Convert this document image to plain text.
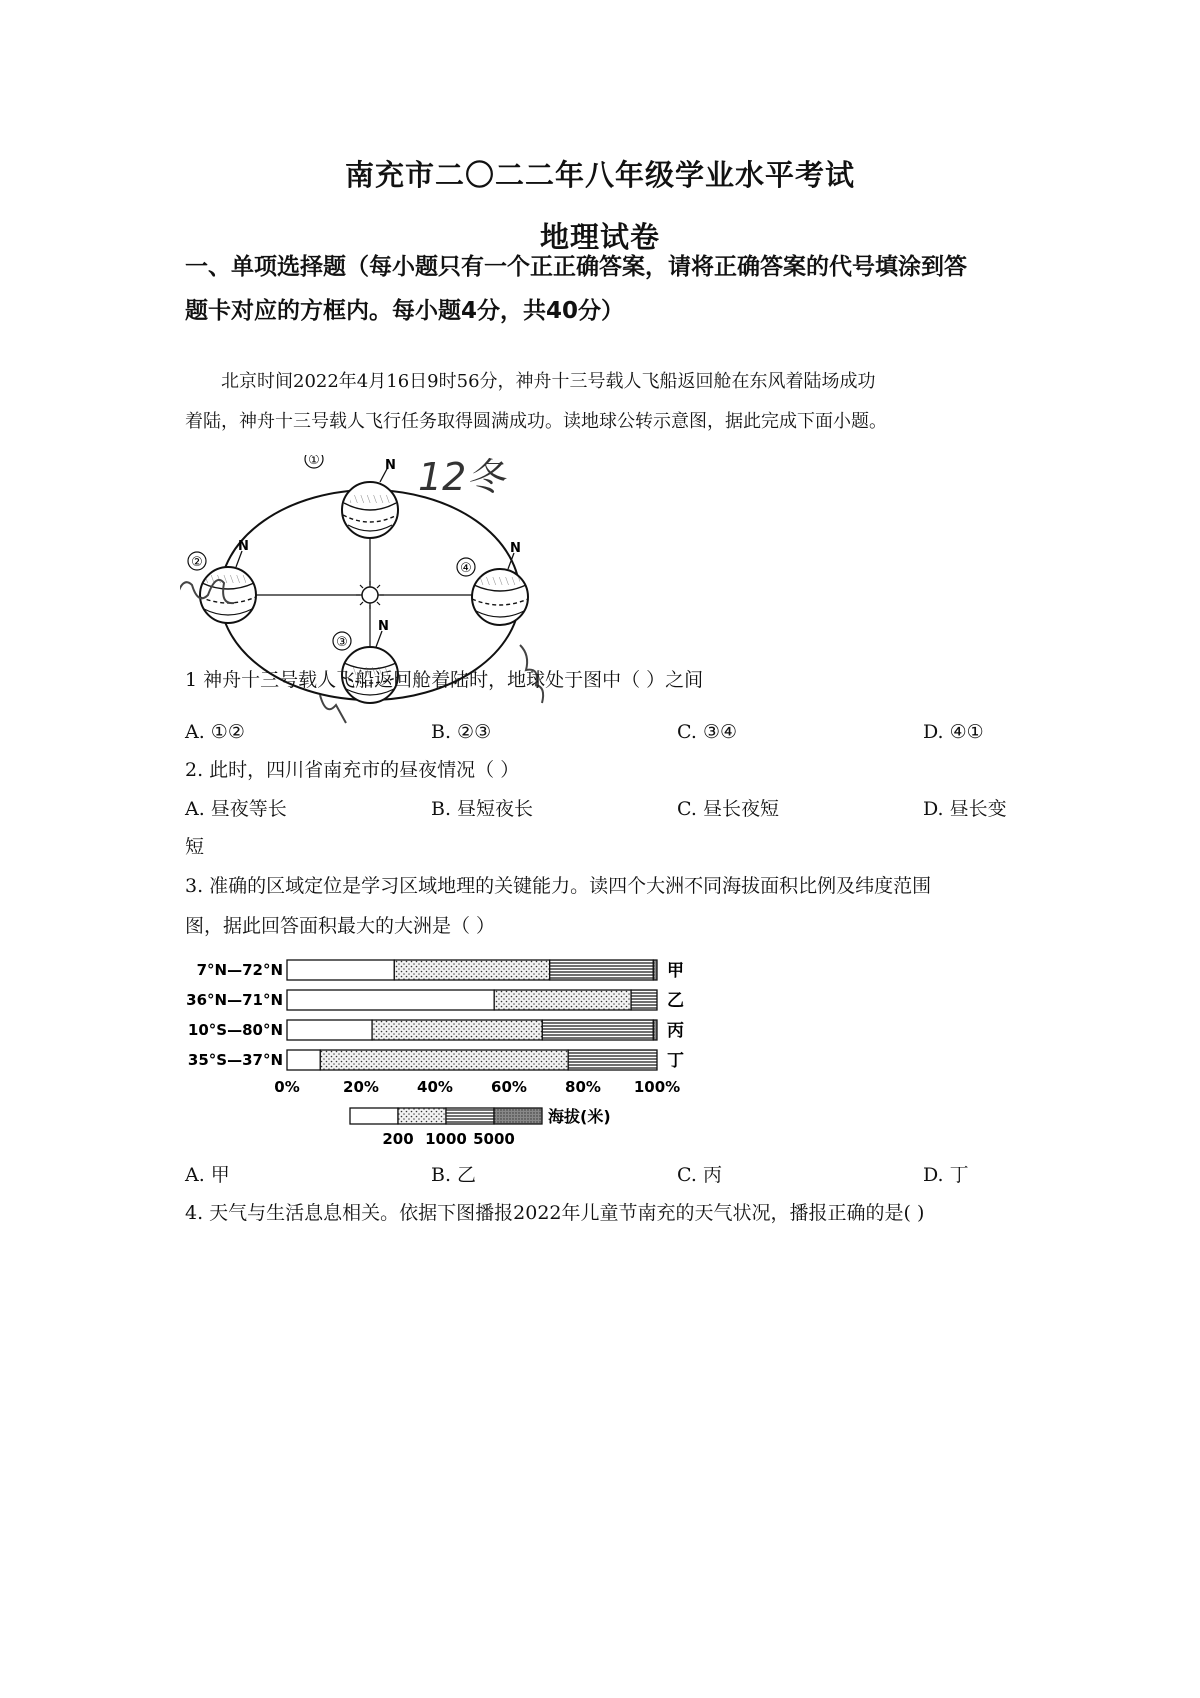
南充市二〇二二年八年级学业水平考试
地理试卷
一、单项选择题（每小题只有一个正正确答案，请将正确答案的代号填涂到答
题卡对应的方框内。每小题4分，共40分）
北京时间2022年4月16日9时56分，神舟十三号载人飞船返回舱在东风着陆场成功
着陆，神舟十三号载人飞行任务取得圆满成功。读地球公转示意图，据此完成下面小题。
N
①	12冬
N
②
N
③
N
④
1 神舟十三号载人飞船返回舱着陆时，地球处于图中（ ）之间
A. ①②	B. ②③	C. ③④	D. ④①
2. 此时，四川省南充市的昼夜情况（ ）
A. 昼夜等长	B. 昼短夜长	C. 昼长夜短	D. 昼长变
短
3. 准确的区域定位是学习区域地理的关键能力。读四个大洲不同海拔面积比例及纬度范围
图，据此回答面积最大的大洲是（ ）
7°N—72°N	甲
36°N—71°N	乙
10°S—80°N	丙
35°S—37°N	丁
0%	20%	40%	60%	80% 100%
海拔(米)
200 1000 5000
A. 甲	B. 乙	C. 丙	D. 丁
4. 天气与生活息息相关。依据下图播报2022年儿童节南充的天气状况，播报正确的是( )
